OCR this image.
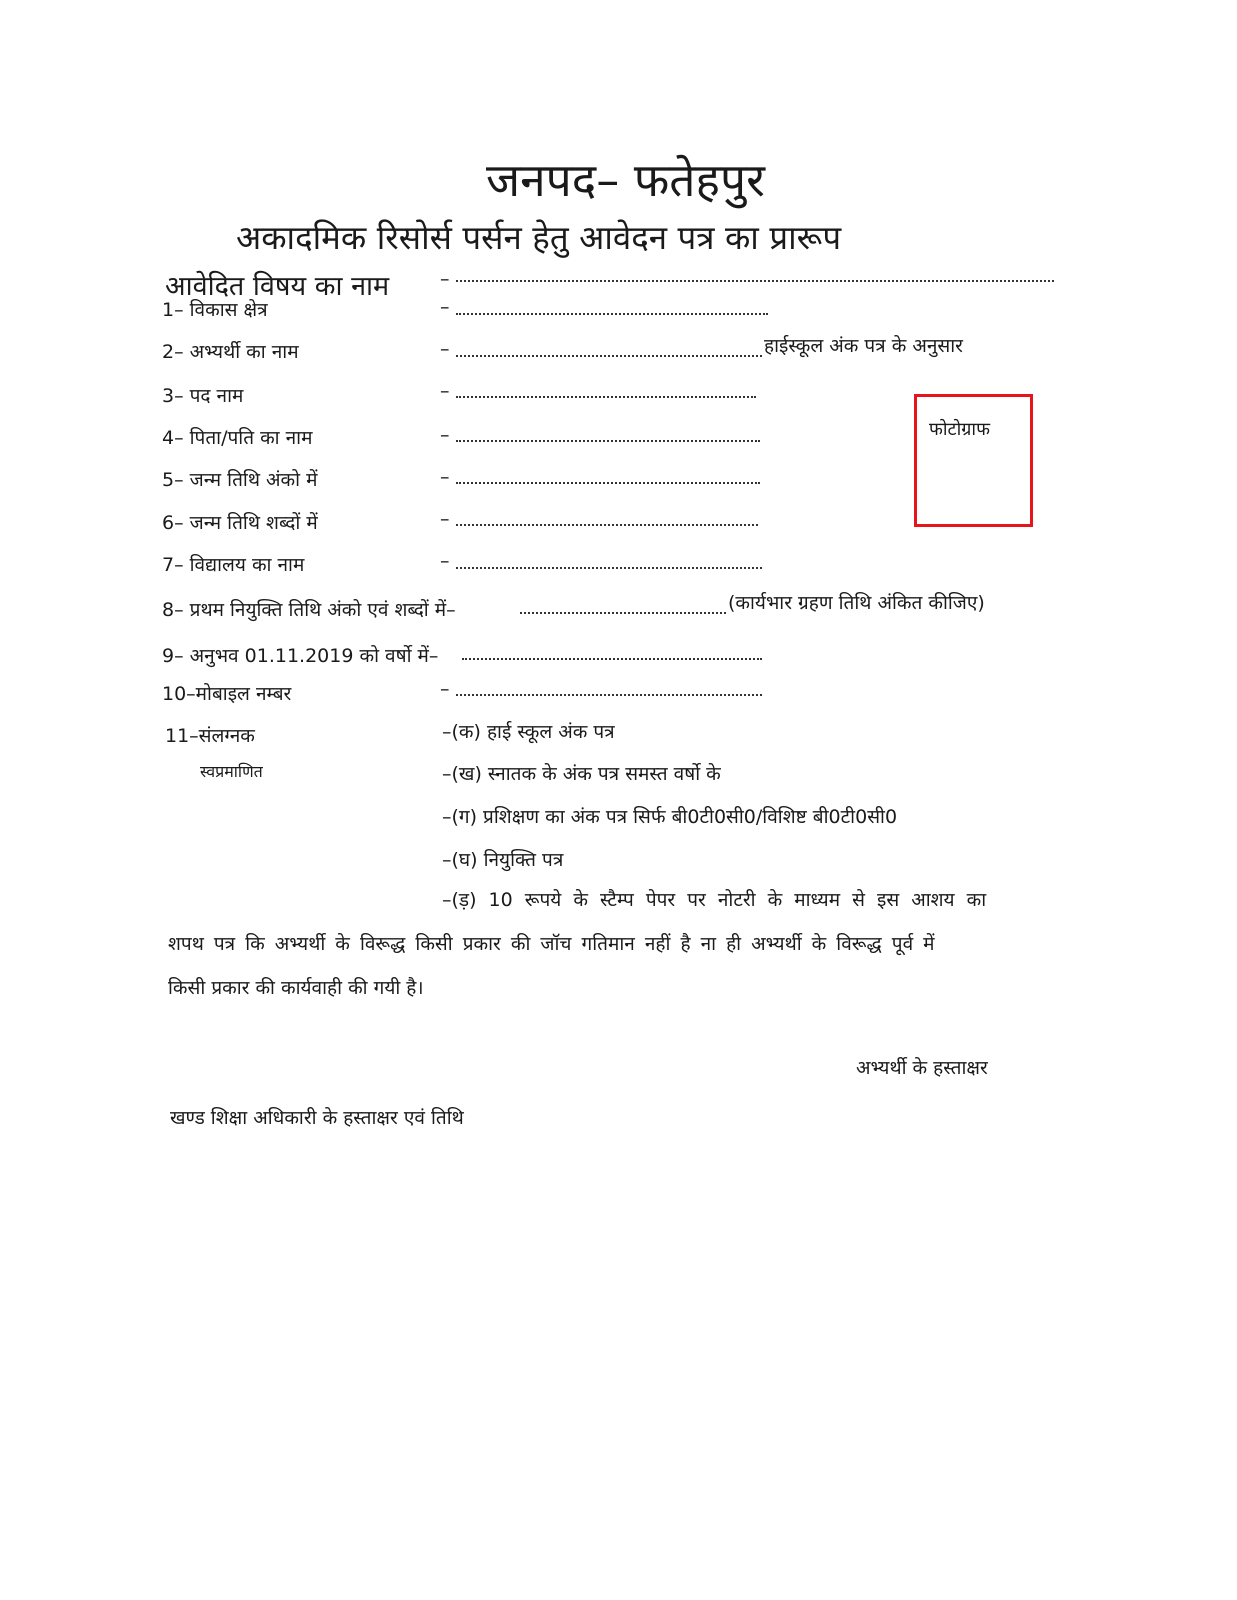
जनपद– फतेहपुर
अकादमिक रिसोर्स पर्सन हेतु आवेदन पत्र का प्रारूप
आवेदित विषय का नाम	–
1– विकास क्षेत्र	–
2– अभ्यर्थी का नाम	–	हाईस्कूल अंक पत्र के अनुसार
3– पद नाम	–
4– पिता/पति का नाम	–
5– जन्म तिथि अंको में	–
6– जन्म तिथि शब्दों में	–
7– विद्यालय का नाम	–
फोटोग्राफ
8– प्रथम नियुक्ति तिथि अंको एवं शब्दों में–	(कार्यभार ग्रहण तिथि अंकित कीजिए)
9– अनुभव 01.11.2019 को वर्षो में–
10–मोबाइल नम्बर	–
11–संलग्नक
स्वप्रमाणित
–(क) हाई स्कूल अंक पत्र
–(ख) स्नातक के अंक पत्र समस्त वर्षो के
–(ग) प्रशिक्षण का अंक पत्र सिर्फ बी0टी0सी0/विशिष्ट बी0टी0सी0
–(घ) नियुक्ति पत्र
–(ड़) 10 रूपये के स्टैम्प पेपर पर नोटरी के माध्यम से इस आशय का
शपथ पत्र कि अभ्यर्थी के विरूद्ध किसी प्रकार की जॉच गतिमान नहीं है ना ही अभ्यर्थी के विरूद्ध पूर्व में
किसी प्रकार की कार्यवाही की गयी है।
अभ्यर्थी के हस्ताक्षर
खण्ड शिक्षा अधिकारी के हस्ताक्षर एवं तिथि
